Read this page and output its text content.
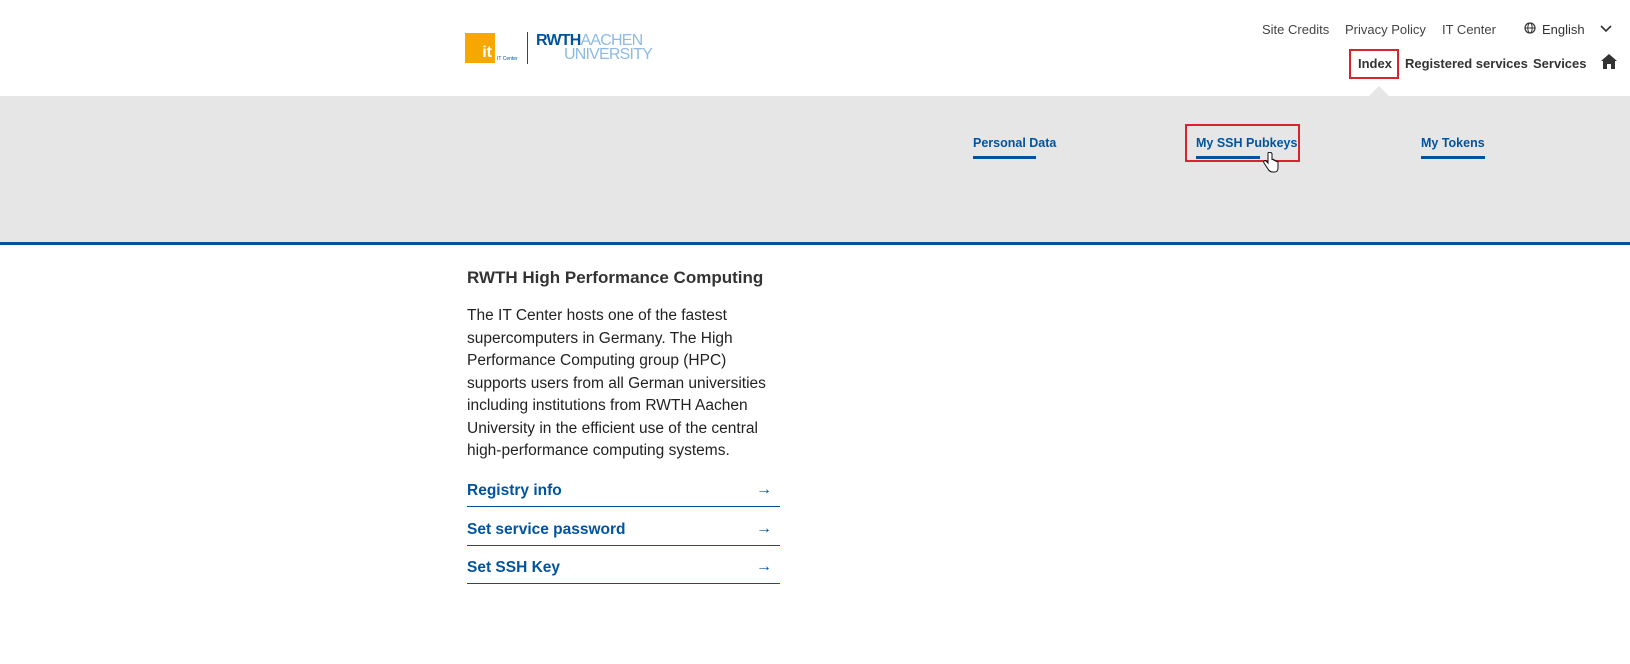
it IT Center
RWTHAACHEN
UNIVERSITY
Site Credits Privacy Policy IT Center	English
Index Registered services Services
Personal Data	My SSH Pubkeys	My Tokens
RWTH High Performance Computing

The IT Center hosts one of the fastest supercomputers in Germany. The High Performance Computing group (HPC) supports users from all German universities including institutions from RWTH Aachen University in the efficient use of the central high-performance computing systems.

Registry info	→
Set service password	→
Set SSH Key	→
